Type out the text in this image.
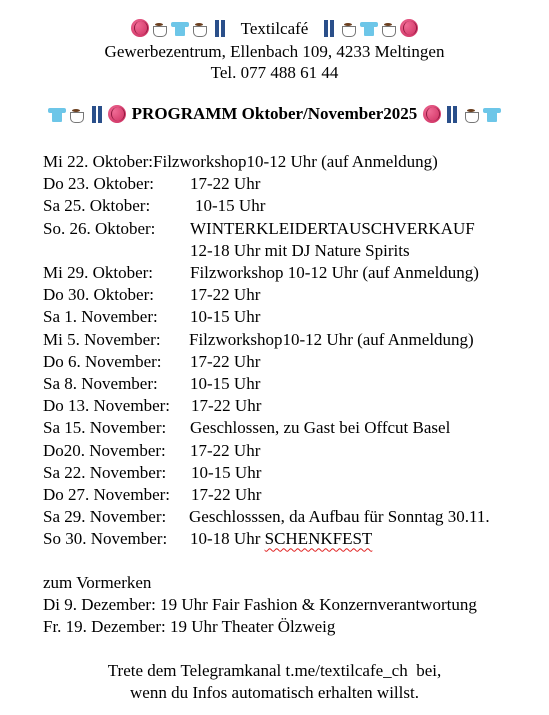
Textilcafé
Gewerbezentrum, Ellenbach 109, 4233 Meltingen
Tel. 077 488 61 44
PROGRAMM Oktober/November2025
Mi 22. Oktober: Filzworkshop10-12 Uhr (auf Anmeldung)
Do 23. Oktober:	17-22 Uhr
Sa 25. Oktober:	10-15 Uhr
So. 26. Oktober:	WINTERKLEIDERTAUSCHVERKAUF
12-18 Uhr mit DJ Nature Spirits
Mi 29. Oktober:	Filzworkshop 10-12 Uhr (auf Anmeldung)
Do 30. Oktober:	17-22 Uhr
Sa 1. November:	10-15 Uhr
Mi 5. November:	Filzworkshop10-12 Uhr (auf Anmeldung)
Do 6. November:	17-22 Uhr
Sa 8. November:	10-15 Uhr
Do 13. November:	17-22 Uhr
Sa 15. November:	Geschlossen, zu Gast bei Offcut Basel
Do20. November:	17-22 Uhr
Sa 22. November:	10-15 Uhr
Do 27. November:	17-22 Uhr
Sa 29. November:	Geschlosssen, da Aufbau für Sonntag 30.11.
So 30. November:	10-18 Uhr SCHENKFEST
zum Vormerken
Di 9. Dezember: 19 Uhr Fair Fashion & Konzernverantwortung
Fr. 19. Dezember: 19 Uhr Theater Ölzweig
Trete dem Telegramkanal t.me/textilcafe_ch  bei,
wenn du Infos automatisch erhalten willst.
